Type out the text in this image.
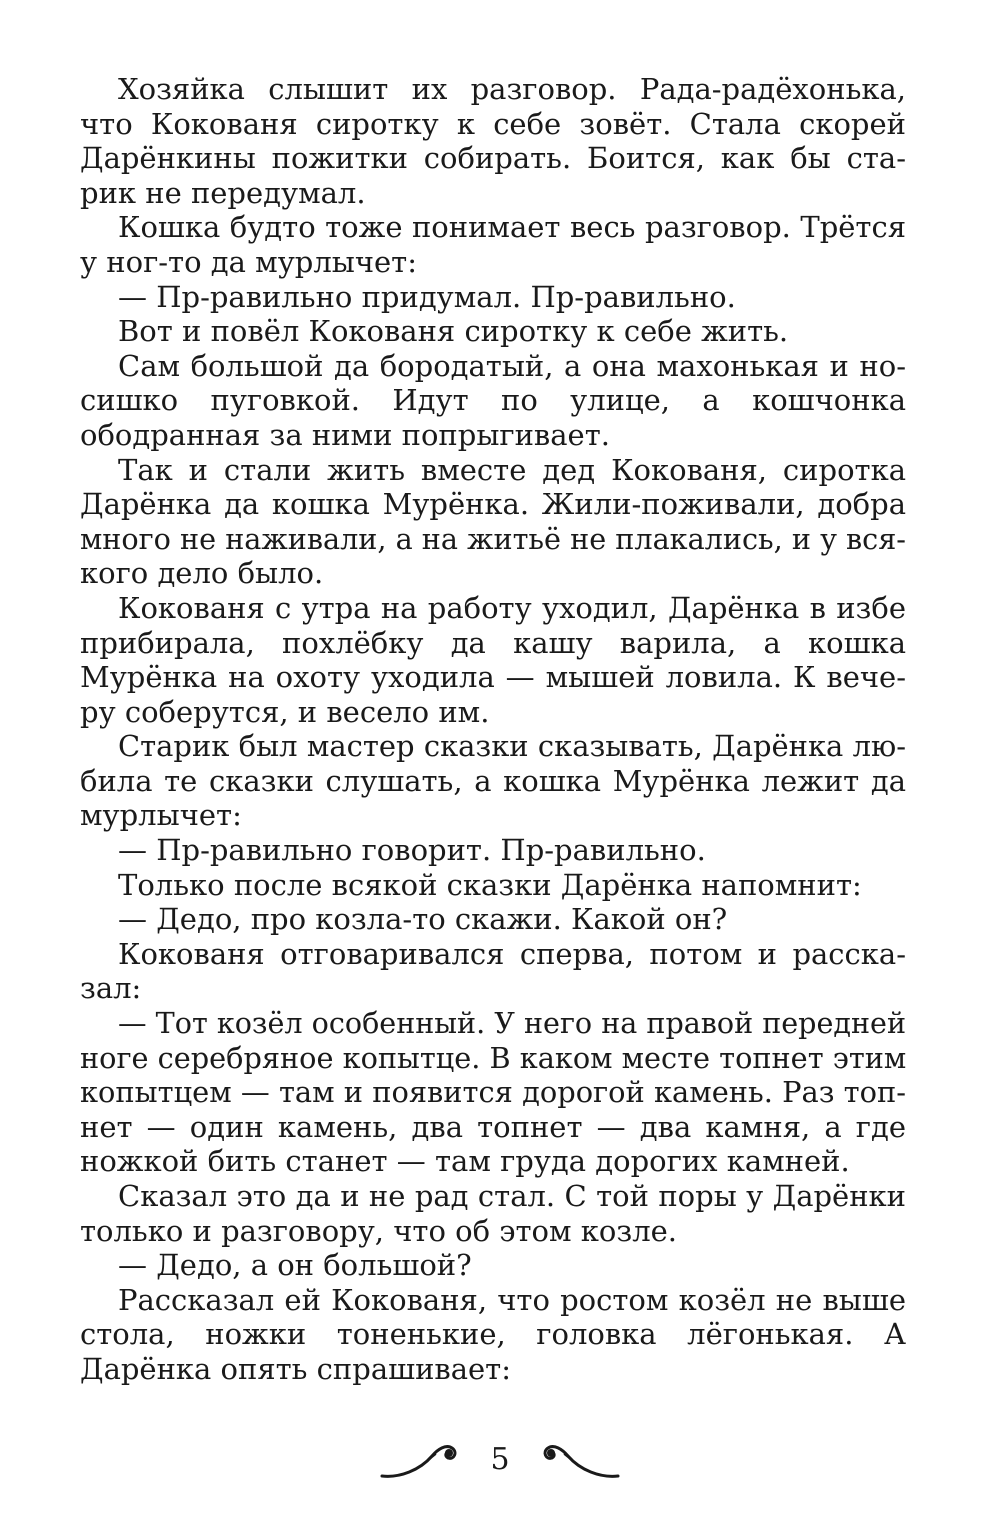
Хозяйка слышит их разговор. Рада-радёхонька,
что Кокованя сиротку к себе зовёт. Стала скорей
Дарёнкины пожитки собирать. Боится, как бы ста-
рик не передумал.
Кошка будто тоже понимает весь разговор. Трётся
у ног-то да мурлычет:
— Пр-равильно придумал. Пр-равильно.
Вот и повёл Кокованя сиротку к себе жить.
Сам большой да бородатый, а она махонькая и но-
сишко пуговкой. Идут по улице, а кошчонка
ободранная за ними попрыгивает.
Так и стали жить вместе дед Кокованя, сиротка
Дарёнка да кошка Мурёнка. Жили-поживали, добра
много не наживали, а на житьё не плакались, и у вся-
кого дело было.
Кокованя с утра на работу уходил, Дарёнка в избе
прибирала, похлёбку да кашу варила, а кошка
Мурёнка на охоту уходила — мышей ловила. К вече-
ру соберутся, и весело им.
Старик был мастер сказки сказывать, Дарёнка лю-
била те сказки слушать, а кошка Мурёнка лежит да
мурлычет:
— Пр-равильно говорит. Пр-равильно.
Только после всякой сказки Дарёнка напомнит:
— Дедо, про козла-то скажи. Какой он?
Кокованя отговаривался сперва, потом и расска-
зал:
— Тот козёл особенный. У него на правой передней
ноге серебряное копытце. В каком месте топнет этим
копытцем — там и появится дорогой камень. Раз топ-
нет — один камень, два топнет — два камня, а где
ножкой бить станет — там груда дорогих камней.
Сказал это да и не рад стал. С той поры у Дарёнки
только и разговору, что об этом козле.
— Дедо, а он большой?
Рассказал ей Кокованя, что ростом козёл не выше
стола, ножки тоненькие, головка лёгонькая. А
Дарёнка опять спрашивает:
5
